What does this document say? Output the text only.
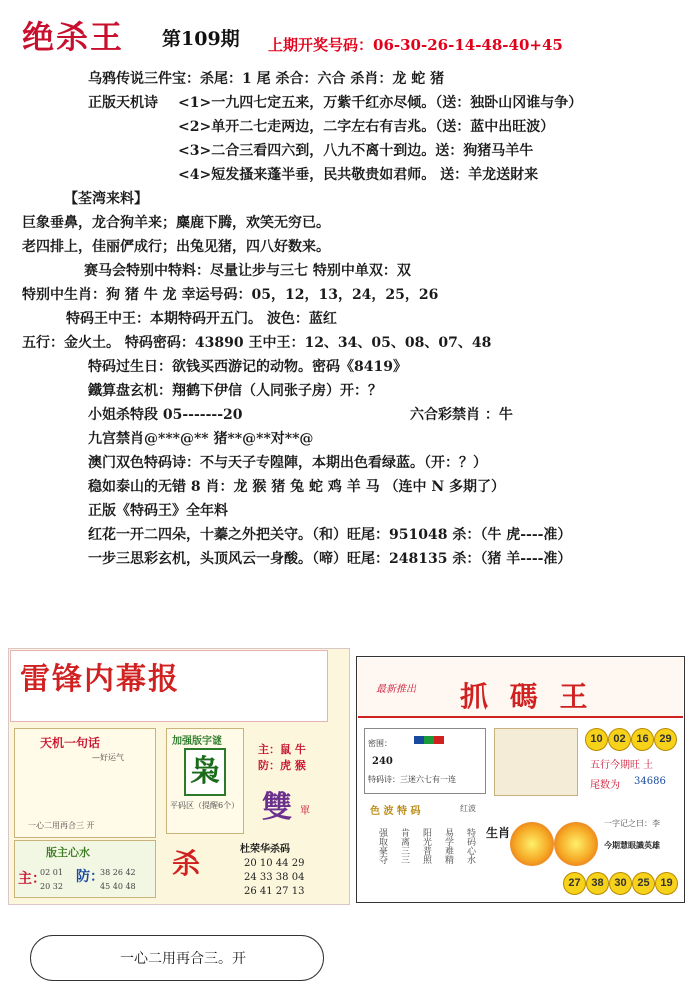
绝杀王 第109期 上期开奖号码：06-30-26-14-48-40+45
乌鸦传说三件宝：杀尾：1 尾 杀合：六合 杀肖：龙 蛇 猪
正版天机诗 <1>一九四七定五来，万紫千红亦尽倾。（送：独卧山冈谁与争）
<2>单开二七走两边，二字左右有吉兆。（送：蓝中出旺波）
<3>二合三看四六到，八九不离十到边。送：狗猪马羊牛
<4>短发搔来蓬半垂，民共敬贵如君师。 送：羊龙送財来
【荃湾来料】
巨象垂鼻，龙合狗羊来；麋鹿下腾，欢笑无穷已。
老四排上，佳丽俨成行；出兔见猪，四八好数来。
赛马会特别中特料：尽量让步与三七 特别中单双：双
特别中生肖：狗 猪 牛 龙 幸运号码：05，12，13，24，25，26
特码王中王：本期特码开五门。 波色：蓝红
五行：金火土。 特码密码：43890 王中王：12、34、05、08、07、48
特码过生日：欲钱买西游记的动物。密码《8419》
鐵算盘玄机：翔鹤下伊信（人同张子房）开：？
小姐杀特段 05-------20	六合彩禁肖 ：牛
九宫禁肖@***@** 猪**@**对**@
澳门双色特码诗：不与天子专隍陣，本期出色看绿蓝。（开：？）
稳如泰山的无错 8 肖：龙 猴 猪 兔 蛇 鸡 羊 马 （连中 N 多期了）
正版《特码王》全年料
红花一开二四朵，十蓁之外把关守。（和）旺尾：951048 杀：（牛 虎----准）
一步三思彩玄机，头顶风云一身酸。（啼）旺尾：248135 杀：（猪 羊----准）
雷锋内幕报
天机一句话
—好运气
一心二用再合三 开
加强版字谜
枭
平码区（提醒6个）
主：鼠 牛
防：虎 猴
雙 單
版主心水
主：
02 01
20 32
防：
38 26 42
45 40 48
杀	杜荣华杀码
20 10 44 29
24 33 38 04
26 41 27 13
最新推出 抓 碼 王
10 02 16 29
密围：
240
特码诗：三迷六七有一连
五行今期旺 土
尾数为 34686
色 波 特 码	红波
强取豪夺 肯离三三 阳光普照 易学难精 特码心水 生肖
一字记之曰：李
今期慧眼識英雄
27 38 30 25 19
一心二用再合三。开
